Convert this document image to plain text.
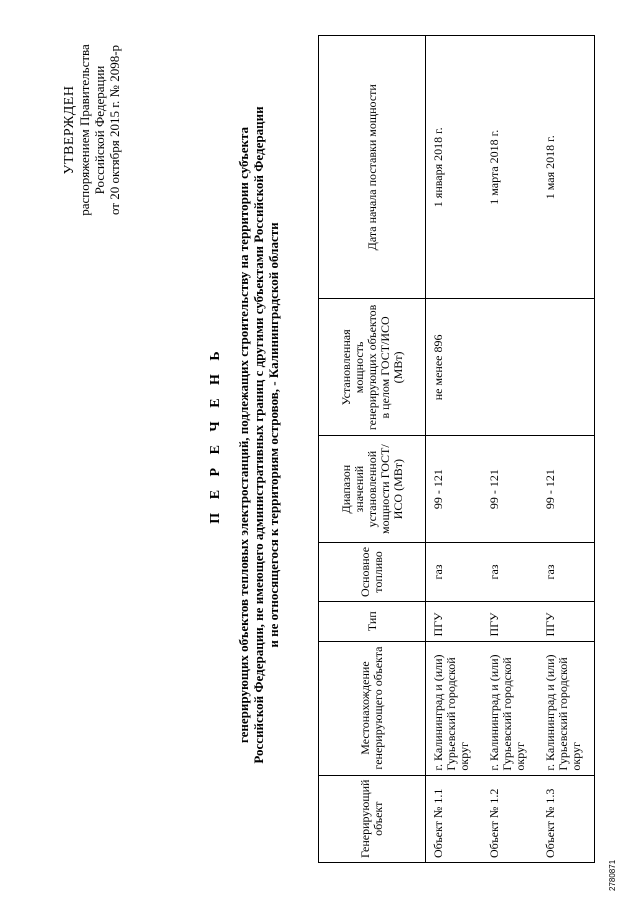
УТВЕРЖДЕН распоряжением Правительства Российской Федерации от 20 октября 2015 г. № 2098-р
П Е Р Е Ч Е Н Ь генерирующих объектов тепловых электростанций, подлежащих строительству на территории субъекта Российской Федерации, не имеющего административных границ с другими субъектами Российской Федерации и не относящегося к территориям островов, - Калининградской области
Генерирующий объект	Местонахождение генерирующего объекта	Тип	Основное топливо	Диапазон значений установленной мощности ГОСТ/ИСО (МВт)	Установленная мощность генерирующих объектов в целом ГОСТ/ИСО (МВт)	Дата начала поставки мощности
Объект № 1.1	г. Калининград и (или) Гурьевский городской округ	ПГУ	газ	99 - 121	не менее 896	1 января 2018 г.
Объект № 1.2	г. Калининград и (или) Гурьевский городской округ	ПГУ	газ	99 - 121		1 марта 2018 г.
Объект № 1.3	г. Калининград и (или) Гурьевский городской округ	ПГУ	газ	99 - 121		1 мая 2018 г.
2780871
